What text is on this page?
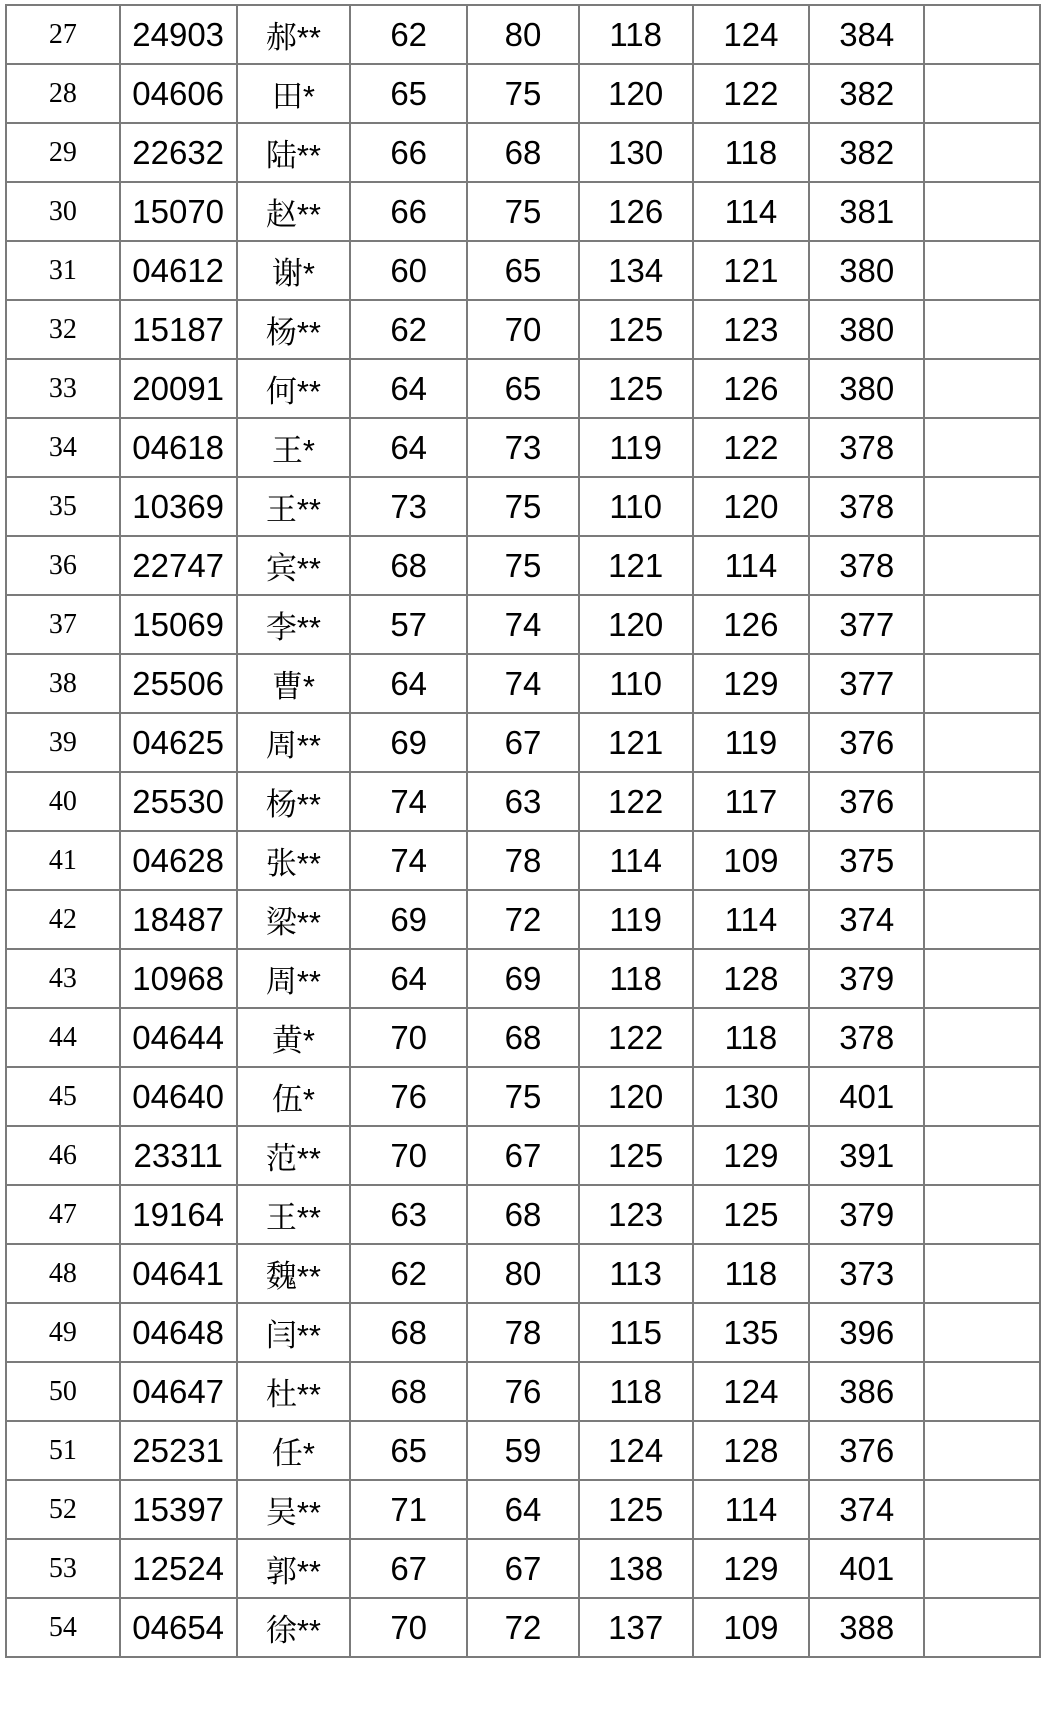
27	24903	郝**	62	80	118	124	384	
28	04606	田*	65	75	120	122	382	
29	22632	陆**	66	68	130	118	382	
30	15070	赵**	66	75	126	114	381	
31	04612	谢*	60	65	134	121	380	
32	15187	杨**	62	70	125	123	380	
33	20091	何**	64	65	125	126	380	
34	04618	王*	64	73	119	122	378	
35	10369	王**	73	75	110	120	378	
36	22747	宾**	68	75	121	114	378	
37	15069	李**	57	74	120	126	377	
38	25506	曹*	64	74	110	129	377	
39	04625	周**	69	67	121	119	376	
40	25530	杨**	74	63	122	117	376	
41	04628	张**	74	78	114	109	375	
42	18487	梁**	69	72	119	114	374	
43	10968	周**	64	69	118	128	379	
44	04644	黄*	70	68	122	118	378	
45	04640	伍*	76	75	120	130	401	
46	23311	范**	70	67	125	129	391	
47	19164	王**	63	68	123	125	379	
48	04641	魏**	62	80	113	118	373	
49	04648	闫**	68	78	115	135	396	
50	04647	杜**	68	76	118	124	386	
51	25231	任*	65	59	124	128	376	
52	15397	吴**	71	64	125	114	374	
53	12524	郭**	67	67	138	129	401	
54	04654	徐**	70	72	137	109	388	
